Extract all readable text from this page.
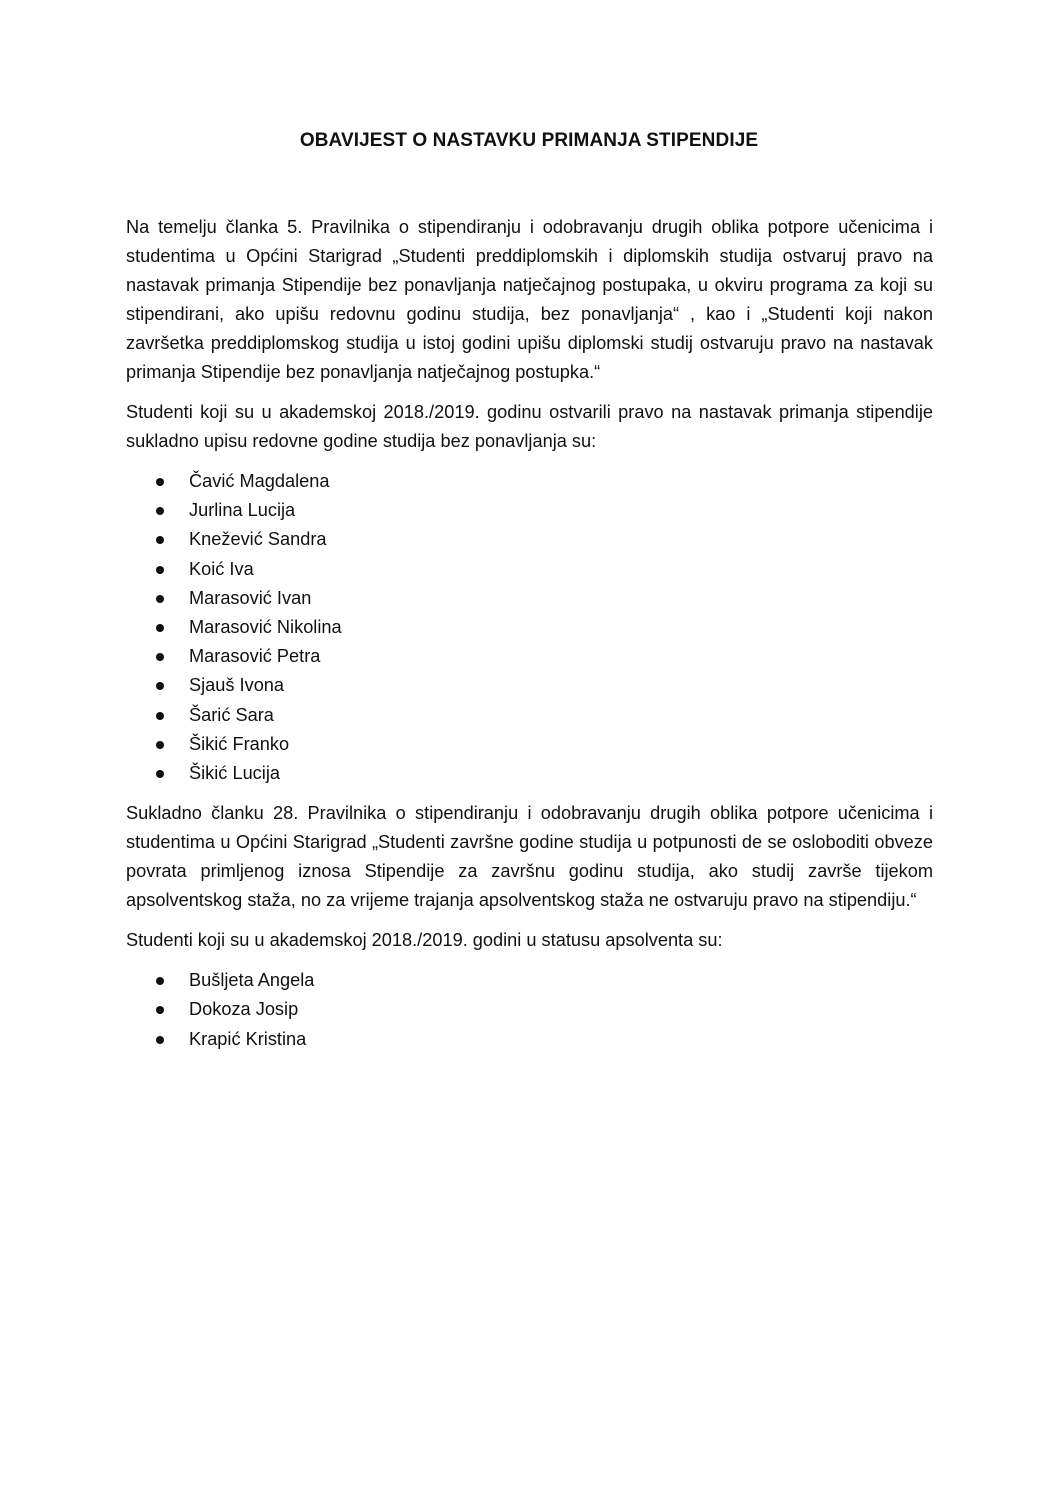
OBAVIJEST O NASTAVKU PRIMANJA STIPENDIJE

Na temelju članka 5. Pravilnika o stipendiranju i odobravanju drugih oblika potpore učenicima i studentima u Općini Starigrad „Studenti preddiplomskih i diplomskih studija ostvaruj pravo na nastavak primanja Stipendije bez ponavljanja natječajnog postupaka, u okviru programa za koji su stipendirani, ako upišu redovnu godinu studija, bez ponavljanja“ , kao i „Studenti koji nakon završetka preddiplomskog studija u istoj godini upišu diplomski studij ostvaruju pravo na nastavak primanja Stipendije bez ponavljanja natječajnog postupka.“

Studenti koji su u akademskoj 2018./2019. godinu ostvarili pravo na nastavak primanja stipendije sukladno upisu redovne godine studija bez ponavljanja su:

Čavić Magdalena
Jurlina Lucija
Knežević Sandra
Koić Iva
Marasović Ivan
Marasović Nikolina
Marasović Petra
Sjauš Ivona
Šarić Sara
Šikić Franko
Šikić Lucija

Sukladno članku 28. Pravilnika o stipendiranju i odobravanju drugih oblika potpore učenicima i studentima u Općini Starigrad „Studenti završne godine studija u potpunosti de se osloboditi obveze povrata primljenog iznosa Stipendije za završnu godinu studija, ako studij završe tijekom apsolventskog staža, no za vrijeme trajanja apsolventskog staža ne ostvaruju pravo na stipendiju.“

Studenti koji su u akademskoj 2018./2019. godini u statusu apsolventa su:

Bušljeta Angela
Dokoza Josip
Krapić Kristina
